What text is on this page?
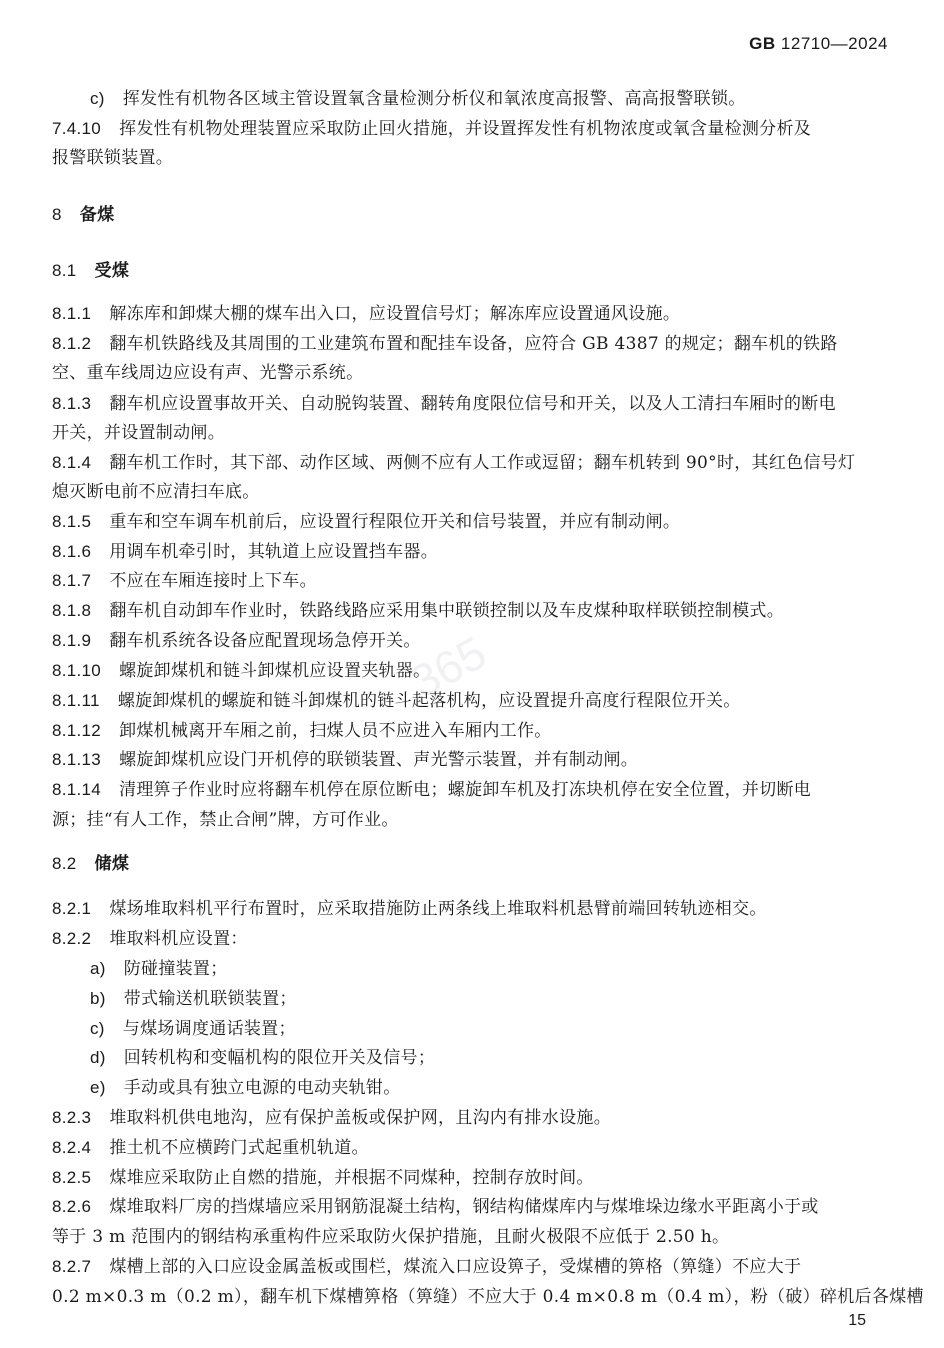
GB 12710—2024
365
c) 挥发性有机物各区域主管设置氧含量检测分析仪和氧浓度高报警、高高报警联锁。
7.4.10 挥发性有机物处理装置应采取防止回火措施，并设置挥发性有机物浓度或氧含量检测分析及
报警联锁装置。
8 备煤
8.1 受煤
8.1.1 解冻库和卸煤大棚的煤车出入口，应设置信号灯；解冻库应设置通风设施。
8.1.2 翻车机铁路线及其周围的工业建筑布置和配挂车设备，应符合 GB 4387 的规定；翻车机的铁路
空、重车线周边应设有声、光警示系统。
8.1.3 翻车机应设置事故开关、自动脱钩装置、翻转角度限位信号和开关，以及人工清扫车厢时的断电
开关，并设置制动闸。
8.1.4 翻车机工作时，其下部、动作区域、两侧不应有人工作或逗留；翻车机转到 90°时，其红色信号灯
熄灭断电前不应清扫车底。
8.1.5 重车和空车调车机前后，应设置行程限位开关和信号装置，并应有制动闸。
8.1.6 用调车机牵引时，其轨道上应设置挡车器。
8.1.7 不应在车厢连接时上下车。
8.1.8 翻车机自动卸车作业时，铁路线路应采用集中联锁控制以及车皮煤种取样联锁控制模式。
8.1.9 翻车机系统各设备应配置现场急停开关。
8.1.10 螺旋卸煤机和链斗卸煤机应设置夹轨器。
8.1.11 螺旋卸煤机的螺旋和链斗卸煤机的链斗起落机构，应设置提升高度行程限位开关。
8.1.12 卸煤机械离开车厢之前，扫煤人员不应进入车厢内工作。
8.1.13 螺旋卸煤机应设门开机停的联锁装置、声光警示装置，并有制动闸。
8.1.14 清理箅子作业时应将翻车机停在原位断电；螺旋卸车机及打冻块机停在安全位置，并切断电
源；挂“有人工作，禁止合闸”牌，方可作业。
8.2 储煤
8.2.1 煤场堆取料机平行布置时，应采取措施防止两条线上堆取料机悬臂前端回转轨迹相交。
8.2.2 堆取料机应设置：
a) 防碰撞装置；
b) 带式输送机联锁装置；
c) 与煤场调度通话装置；
d) 回转机构和变幅机构的限位开关及信号；
e) 手动或具有独立电源的电动夹轨钳。
8.2.3 堆取料机供电地沟，应有保护盖板或保护网，且沟内有排水设施。
8.2.4 推土机不应横跨门式起重机轨道。
8.2.5 煤堆应采取防止自燃的措施，并根据不同煤种，控制存放时间。
8.2.6 煤堆取料厂房的挡煤墙应采用钢筋混凝土结构，钢结构储煤库内与煤堆垛边缘水平距离小于或
等于 3 m 范围内的钢结构承重构件应采取防火保护措施，且耐火极限不应低于 2.50 h。
8.2.7 煤槽上部的入口应设金属盖板或围栏，煤流入口应设箅子，受煤槽的箅格（箅缝）不应大于
0.2 m×0.3 m（0.2 m），翻车机下煤槽箅格（箅缝）不应大于 0.4 m×0.8 m（0.4 m），粉（破）碎机后各煤槽
15
